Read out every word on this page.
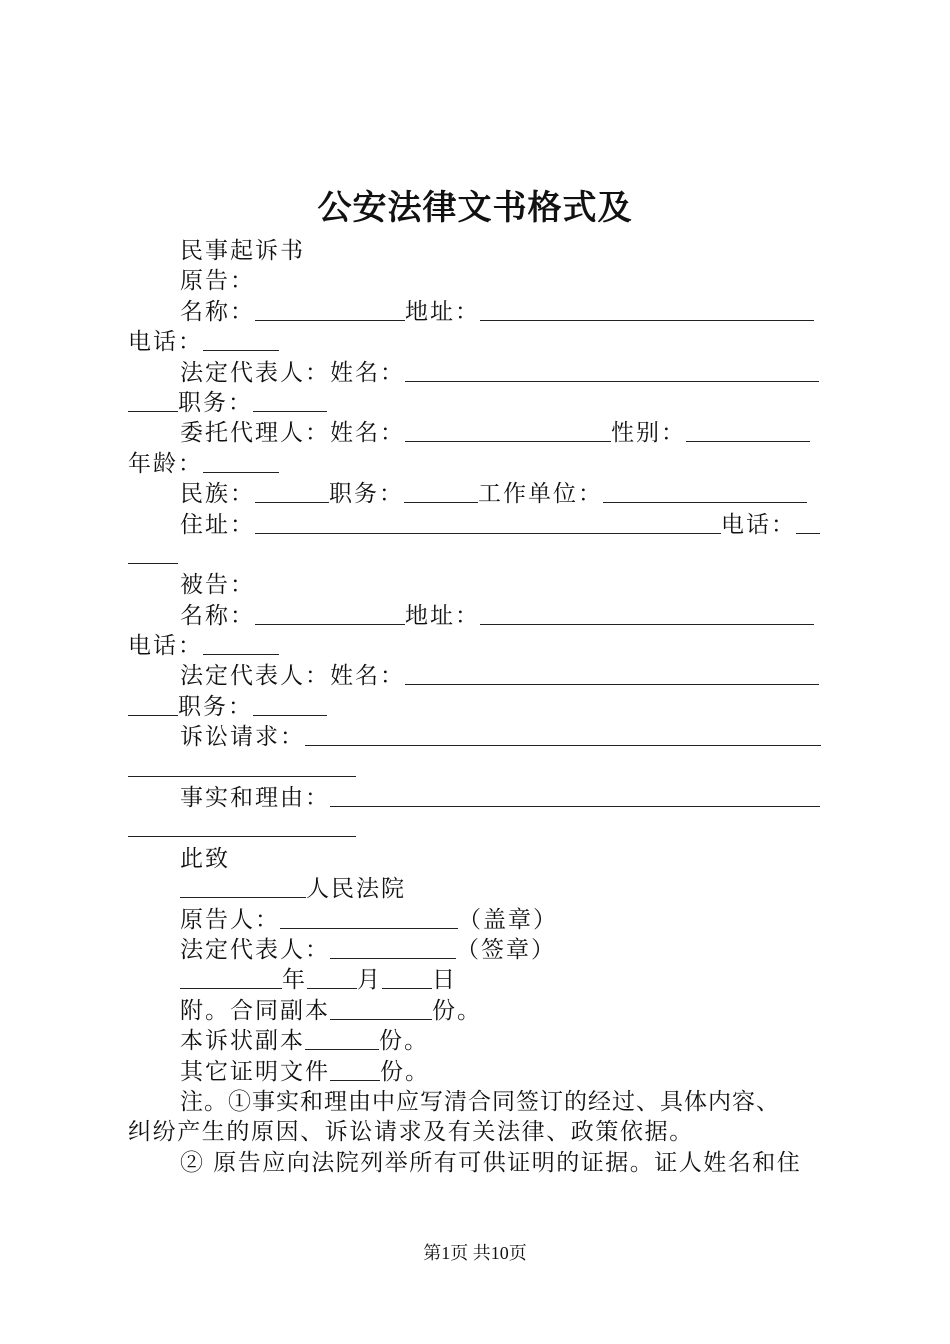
公安法律文书格式及
民事起诉书
原告：
名称：	地址：
电话：
法定代表人：姓名：
职务：
委托代理人：姓名：	性别：
年龄：
民族：	职务：	工作单位：
住址：	电话：
被告：
名称：	地址：
电话：
法定代表人：姓名：
职务：
诉讼请求：
事实和理由：
此致
人民法院
原告人：	（盖章）
法定代表人：	（签章）
年 月 日
附。合同副本	份。
本诉状副本	份。
其它证明文件 份。
注。①事实和理由中应写清合同签订的经过、具体内容、
纠纷产生的原因、诉讼请求及有关法律、政策依据。
② 原告应向法院列举所有可供证明的证据。证人姓名和住
第1页 共10页
